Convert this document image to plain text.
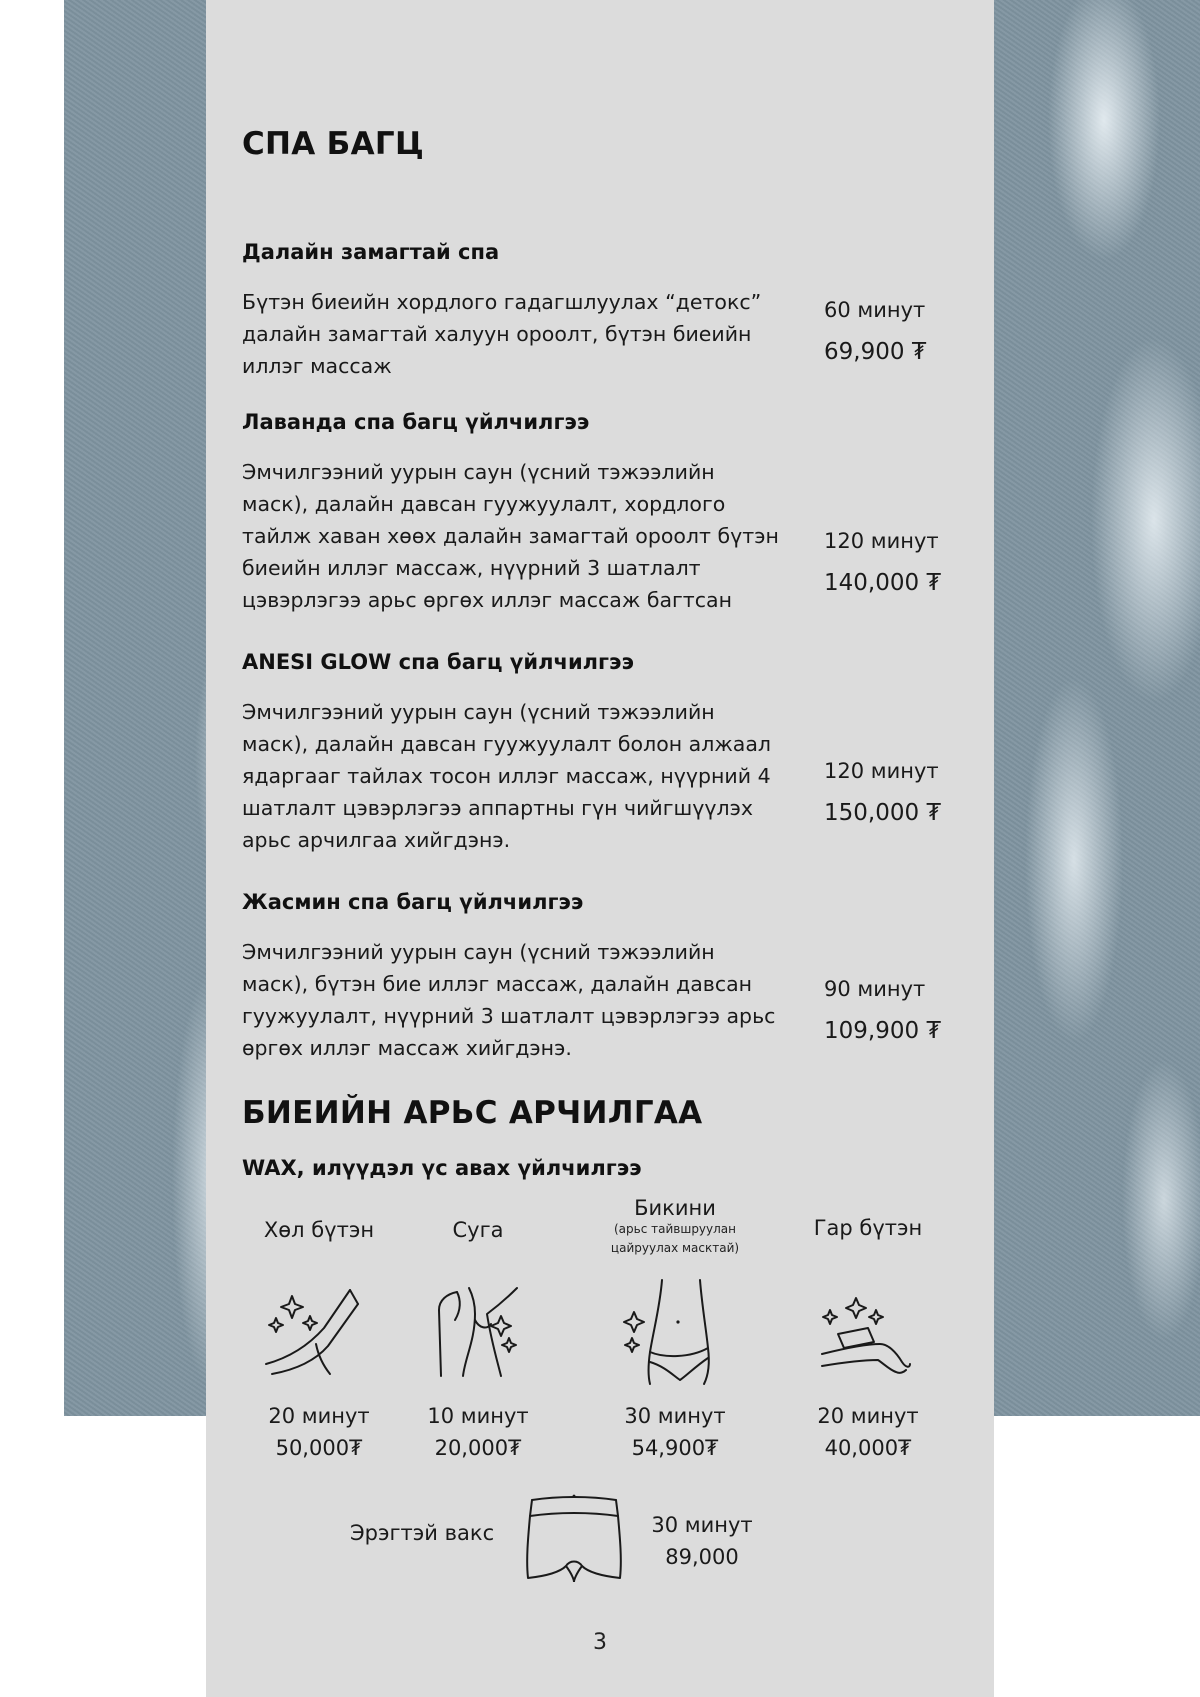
СПА БАГЦ
Далайн замагтай спа

Бүтэн биеийн хордлого гадагшлуулах “детокс” далайн замагтай халуун ороолт, бүтэн биеийн иллэг массаж

60 минут
69,900 ₮
Лаванда спа багц үйлчилгээ

Эмчилгээний уурын саун (үсний тэжээлийн маск), далайн давсан гуужуулалт, хордлого тайлж хаван хөөх далайн замагтай ороолт бүтэн биеийн иллэг массаж, нүүрний 3 шатлалт цэвэрлэгээ арьс өргөх иллэг массаж багтсан

120 минут
140,000 ₮
ANESI GLOW спа багц үйлчилгээ

Эмчилгээний уурын саун (үсний тэжээлийн маск), далайн давсан гуужуулалт болон алжаал ядаргааг тайлах тосон иллэг массаж, нүүрний 4 шатлалт цэвэрлэгээ аппартны гүн чийгшүүлэх арьс арчилгаа хийгдэнэ.

120 минут
150,000 ₮
Жасмин спа багц үйлчилгээ

Эмчилгээний уурын саун (үсний тэжээлийн маск), бүтэн бие иллэг массаж, далайн давсан гуужуулалт, нүүрний 3 шатлалт цэвэрлэгээ арьс өргөх иллэг массаж хийгдэнэ.

90 минут
109,900 ₮
БИЕИЙН АРЬС АРЧИЛГАА
WAX, илүүдэл үс авах үйлчилгээ
Хөл бүтэн	Суга
Бикини
(арьс тайвшруулан цайруулах масктай)
Гар бүтэн
20 минут
50,000₮
10 минут
20,000₮
30 минут
54,900₮
20 минут
40,000₮
Эрэгтэй вакс	30 минут
89,000
3
